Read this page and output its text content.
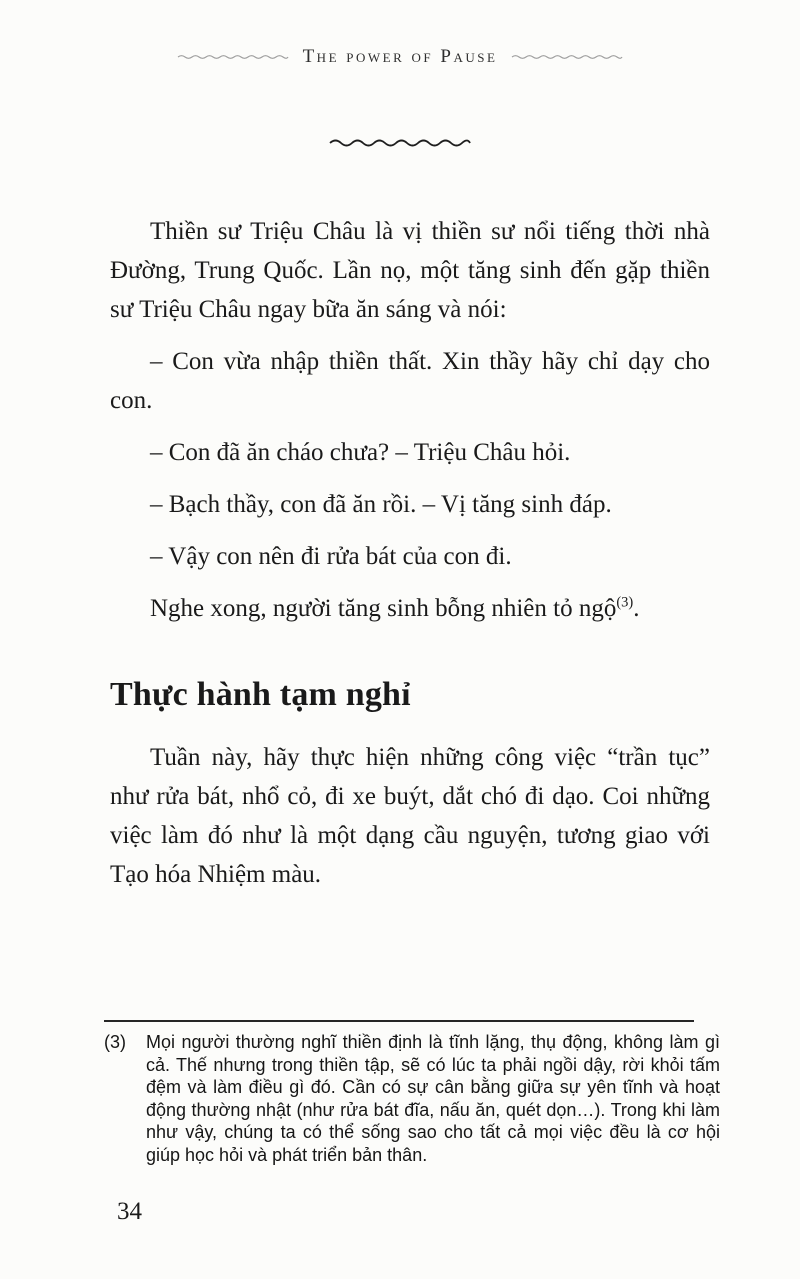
The power of Pause

Thiền sư Triệu Châu là vị thiền sư nổi tiếng thời nhà Đường, Trung Quốc. Lần nọ, một tăng sinh đến gặp thiền sư Triệu Châu ngay bữa ăn sáng và nói:

– Con vừa nhập thiền thất. Xin thầy hãy chỉ dạy cho con.

– Con đã ăn cháo chưa? – Triệu Châu hỏi.

– Bạch thầy, con đã ăn rồi. – Vị tăng sinh đáp.

– Vậy con nên đi rửa bát của con đi.

Nghe xong, người tăng sinh bỗng nhiên tỏ ngộ$^{(3)}$.

Thực hành tạm nghỉ

Tuần này, hãy thực hiện những công việc “trần tục” như rửa bát, nhổ cỏ, đi xe buýt, dắt chó đi dạo. Coi những việc làm đó như là một dạng cầu nguyện, tương giao với Tạo hóa Nhiệm màu.

(3)	Mọi người thường nghĩ thiền định là tĩnh lặng, thụ động, không làm gì cả. Thế nhưng trong thiền tập, sẽ có lúc ta phải ngồi dậy, rời khỏi tấm đệm và làm điều gì đó. Cần có sự cân bằng giữa sự yên tĩnh và hoạt động thường nhật (như rửa bát đĩa, nấu ăn, quét dọn…). Trong khi làm như vậy, chúng ta có thể sống sao cho tất cả mọi việc đều là cơ hội giúp học hỏi và phát triển bản thân.
34
